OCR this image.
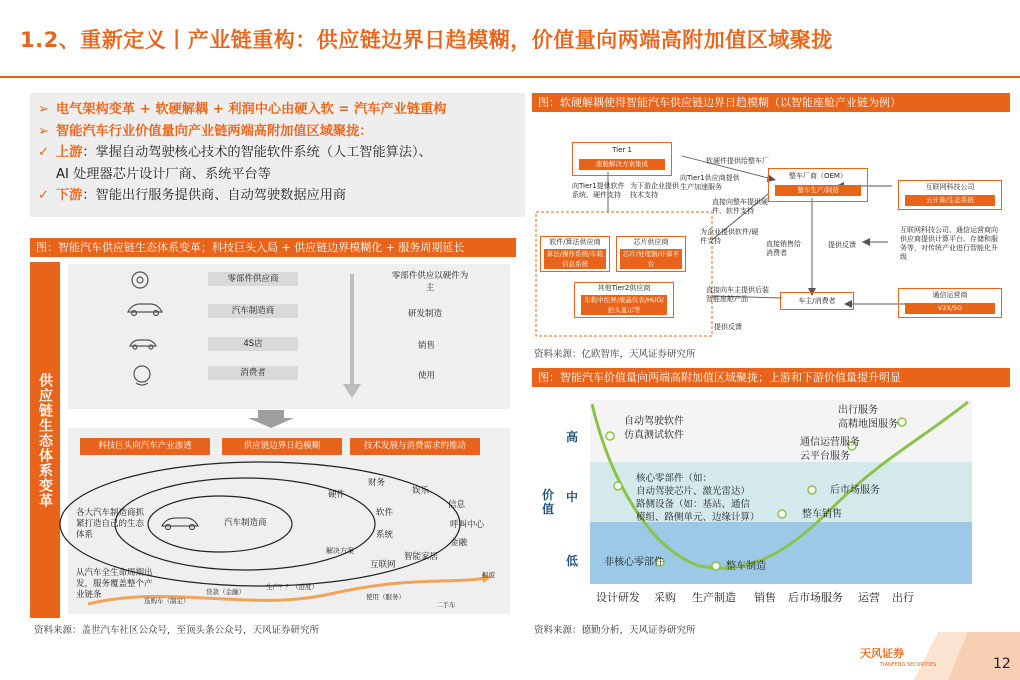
1.2、重新定义丨产业链重构：供应链边界日趋模糊，价值量向两端高附加值区域聚拢
➢ 电气架构变革 + 软硬解耦 + 利润中心由硬入软 = 汽车产业链重构
➢ 智能汽车行业价值量向产业链两端高附加值区域聚拢：
✓ 上游：掌握自动驾驶核心技术的智能软件系统（人工智能算法）、
AI 处理器芯片设计厂商、系统平台等
✓ 下游：智能出行服务提供商、自动驾驶数据应用商
图：智能汽车供应链生态体系变革；科技巨头入局 + 供应链边界模糊化 + 服务周期延长
供应链生态体系变革
零部件供应商
汽车制造商
4S店
消费者
零部件供应以硬件为主
研发制造
销售
使用
科技巨头向汽车产业渗透	供应链边界日趋模糊	技术发展与消费需求的推动
汽车制造商
硬件
软件
系统
解决方案
财务
娱乐
信息
呼叫中心
金融
智能家居
互联网
各大汽车制造商抓紧打造自己的生态体系
从汽车全生命周期出发，服务覆盖整个产业链条
选购车（制定）
贷款（金融）
生产？？（进度）
使用（服务）
二手车
报废
资料来源：盖世汽车社区公众号，至顶头条公众号，天风证券研究所
图：软硬解耦使得智能汽车供应链边界日趋模糊（以智能座舱产业链为例）
Tier 1
座舱解决方案集成
整车厂商（OEM）
整车生产/制造	互联网科技公司
云计算/生态系统
通信运营商
V2X/5G
软件/算法供应商
算法/操作系统/车载信息系统
芯片供应商
芯片/处理器/计算平台
其他Tier2供应商
车载中控屏/液晶仪表/HUD/抬头显示等
车主/消费者
软硬件提供给整车厂
向Tier1提供软件系统、硬件支持
为下游企业提供技术支持
向Tier1供应商提供生产加速服务
直接向整车提供硬件、软件支持
互联网科技公司、通信运营商向供应商提供计算平台、存储和服务等，对传统产业进行智能化升级
为企业提供软件/硬件支持	直接销售给消费者
提供反馈
直接向车主提供后装智能座舱产品
提供反馈
资料来源：亿欧智库，天风证券研究所
图：智能汽车价值量向两端高附加值区域聚拢；上游和下游价值量提升明显
高
中
低
价值
自动驾驶软件
仿真测试软件
核心零部件（如：
自动驾驶芯片、激光雷达）
路侧设备（如：基站、通信
模组、路侧单元、边缘计算）
非核心零部件	整车制造
整车销售
后市场服务
通信运营服务
云平台服务
出行服务
高精地图服务
设计研发 采购 生产制造 销售 后市场服务 运营 出行
资料来源：德勤分析，天风证券研究所
天风证券
TIANFENG SECURITIES	12
